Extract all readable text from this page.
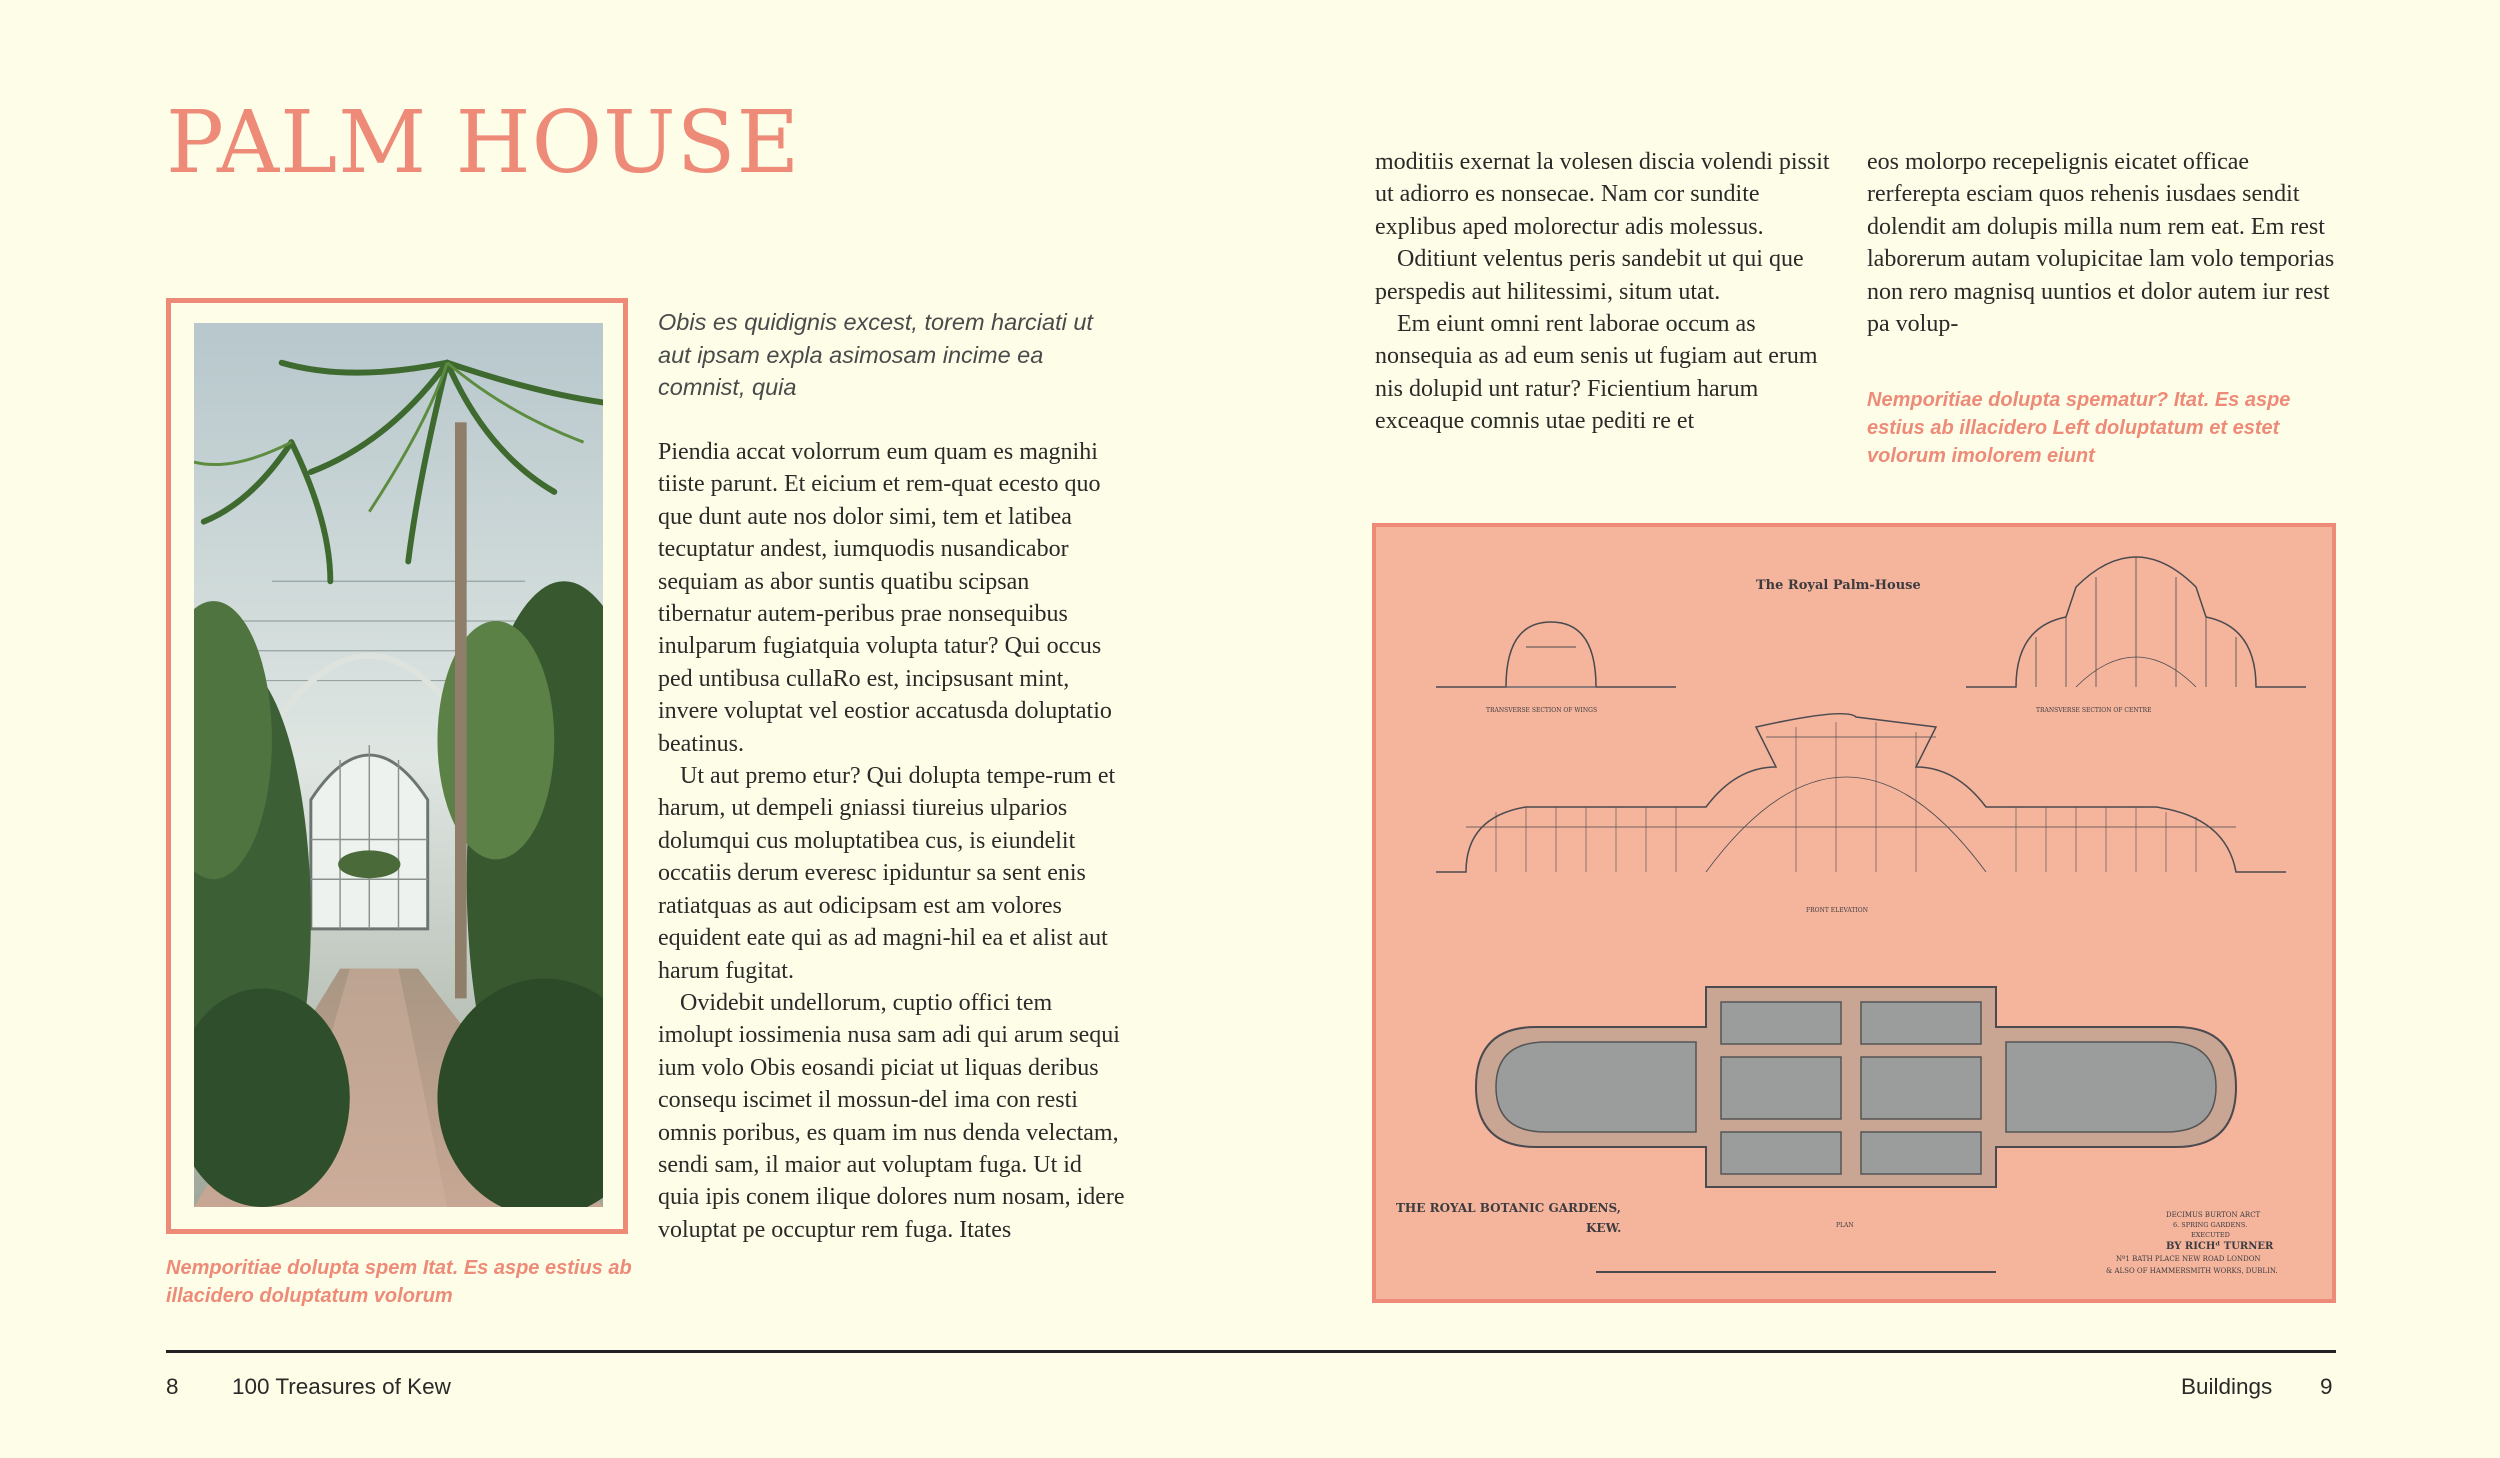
PALM HOUSE
Nemporitiae dolupta spem Itat. Es aspe estius ab illacidero doluptatum volorum
Obis es quidignis excest, torem harciati ut aut ipsam expla asimosam incime ea comnist, quia

Piendia accat volorrum eum quam es magnihi tiiste parunt. Et eicium et rem-quat ecesto quo que dunt aute nos dolor simi, tem et latibea tecuptatur andest, iumquodis nusandicabor sequiam as abor suntis quatibu scipsan tibernatur autem-peribus prae nonsequibus inulparum fugiatquia volupta tatur? Qui occus ped untibusa cullaRo est, incipsusant mint, invere voluptat vel eostior accatusda doluptatio beatinus.

Ut aut premo etur? Qui dolupta tempe-rum et harum, ut dempeli gniassi tiureius ulparios dolumqui cus moluptatibea cus, is eiundelit occatiis derum everesc ipiduntur sa sent enis ratiatquas as aut odicipsam est am volores equident eate qui as ad magni-hil ea et alist aut harum fugitat.

Ovidebit undellorum, cuptio offici tem imolupt iossimenia nusa sam adi qui arum sequi ium volo Obis eosandi piciat ut liquas deribus consequ iscimet il mossun-del ima con resti omnis poribus, es quam im nus denda velectam, sendi sam, il maior aut voluptam fuga. Ut id quia ipis conem ilique dolores num nosam, idere voluptat pe occuptur rem fuga. Itates

moditiis exernat la volesen discia volendi pissit ut adiorro es nonsecae. Nam cor sundite explibus aped molorectur adis molessus.

Oditiunt velentus peris sandebit ut qui que perspedis aut hilitessimi, situm utat.

Em eiunt omni rent laborae occum as nonsequia as ad eum senis ut fugiam aut erum nis dolupid unt ratur? Ficientium harum exceaque comnis utae pediti re et

eos molorpo recepelignis eicatet officae rerferepta esciam quos rehenis iusdaes sendit dolendit am dolupis milla num rem eat. Em rest laborerum autam volupicitae lam volo temporias non rero magnisq uuntios et dolor autem iur rest pa volup-

Nemporitiae dolupta spematur? Itat. Es aspe estius ab illacidero Left doluptatum et estet volorum imolorem eiunt
The Royal Palm-House
TRANSVERSE SECTION OF WINGS	TRANSVERSE SECTION OF CENTRE
FRONT ELEVATION
PLAN
THE ROYAL BOTANIC GARDENS,
KEW.
DECIMUS BURTON ARCT
6. SPRING GARDENS.
EXECUTED
BY RICHᵈ TURNER
Nº1 BATH PLACE NEW ROAD LONDON
& ALSO OF HAMMERSMITH WORKS, DUBLIN.
8 100 Treasures of Kew	Buildings 9
